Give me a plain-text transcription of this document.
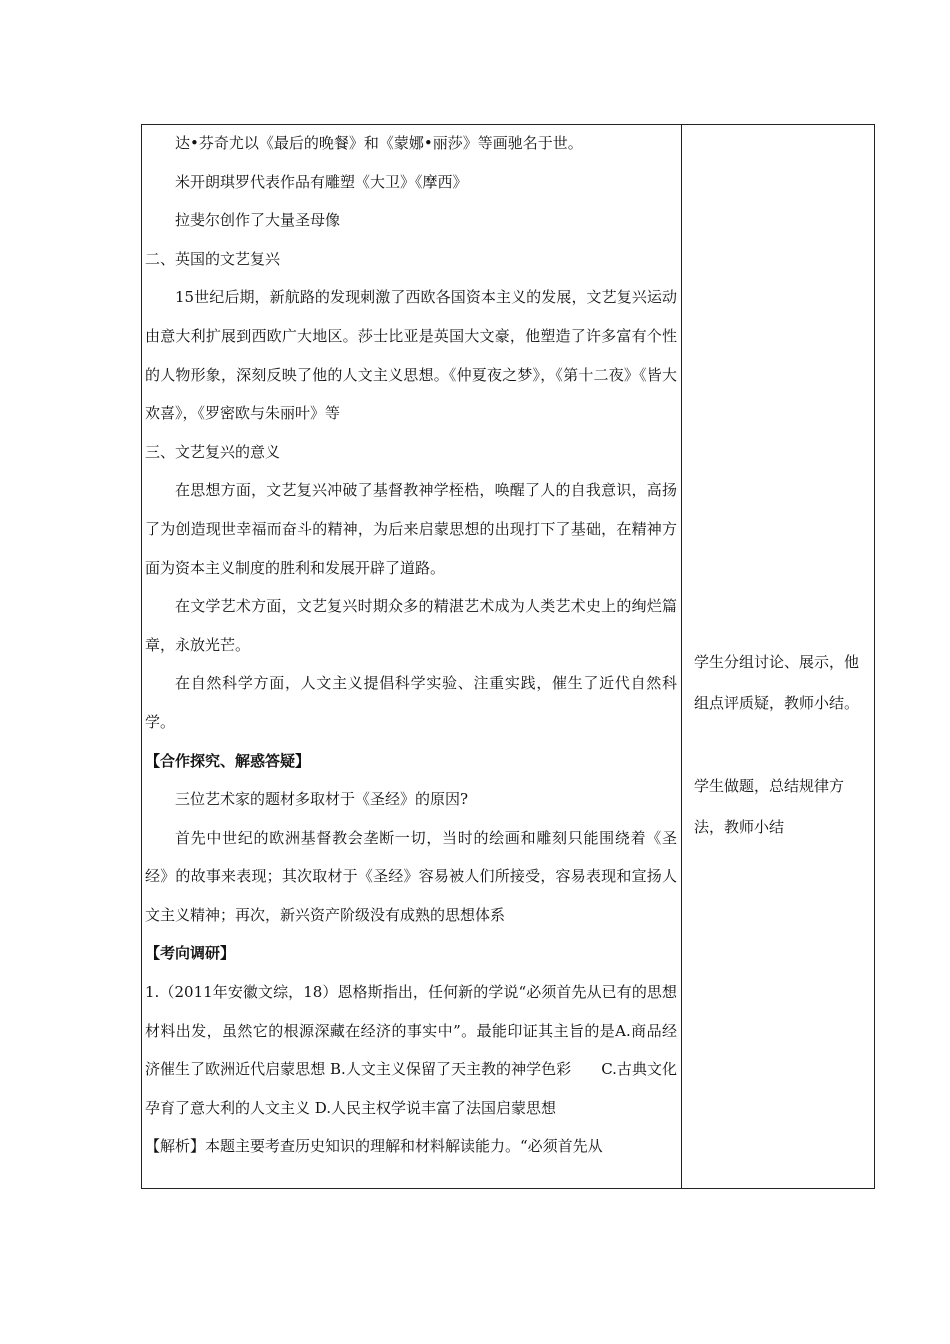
达•芬奇尤以《最后的晚餐》和《蒙娜•丽莎》等画驰名于世。

米开朗琪罗代表作品有雕塑《大卫》《摩西》

拉斐尔创作了大量圣母像

二、英国的文艺复兴

15世纪后期，新航路的发现刺激了西欧各国资本主义的发展，文艺复兴运动由意大利扩展到西欧广大地区。莎士比亚是英国大文豪，他塑造了许多富有个性的人物形象，深刻反映了他的人文主义思想。《仲夏夜之梦》，《第十二夜》《皆大欢喜》，《罗密欧与朱丽叶》等

三、文艺复兴的意义

在思想方面，文艺复兴冲破了基督教神学桎梏，唤醒了人的自我意识，高扬了为创造现世幸福而奋斗的精神，为后来启蒙思想的出现打下了基础，在精神方面为资本主义制度的胜利和发展开辟了道路。

在文学艺术方面，文艺复兴时期众多的精湛艺术成为人类艺术史上的绚烂篇章，永放光芒。

在自然科学方面，人文主义提倡科学实验、注重实践，催生了近代自然科学。

【合作探究、解惑答疑】

三位艺术家的题材多取材于《圣经》的原因?

首先中世纪的欧洲基督教会垄断一切，当时的绘画和雕刻只能围绕着《圣经》的故事来表现；其次取材于《圣经》容易被人们所接受，容易表现和宣扬人文主义精神；再次，新兴资产阶级没有成熟的思想体系

【考向调研】

1.（2011年安徽文综，18）恩格斯指出，任何新的学说“必须首先从已有的思想材料出发，虽然它的根源深藏在经济的事实中”。最能印证其主旨的是A.商品经济催生了欧洲近代启蒙思想 B.人文主义保留了天主教的神学色彩　　C.古典文化孕育了意大利的人文主义 D.人民主权学说丰富了法国启蒙思想

【解析】本题主要考查历史知识的理解和材料解读能力。“必须首先从

学生分组讨论、展示，他组点评质疑，教师小结。

学生做题，总结规律方法，教师小结
